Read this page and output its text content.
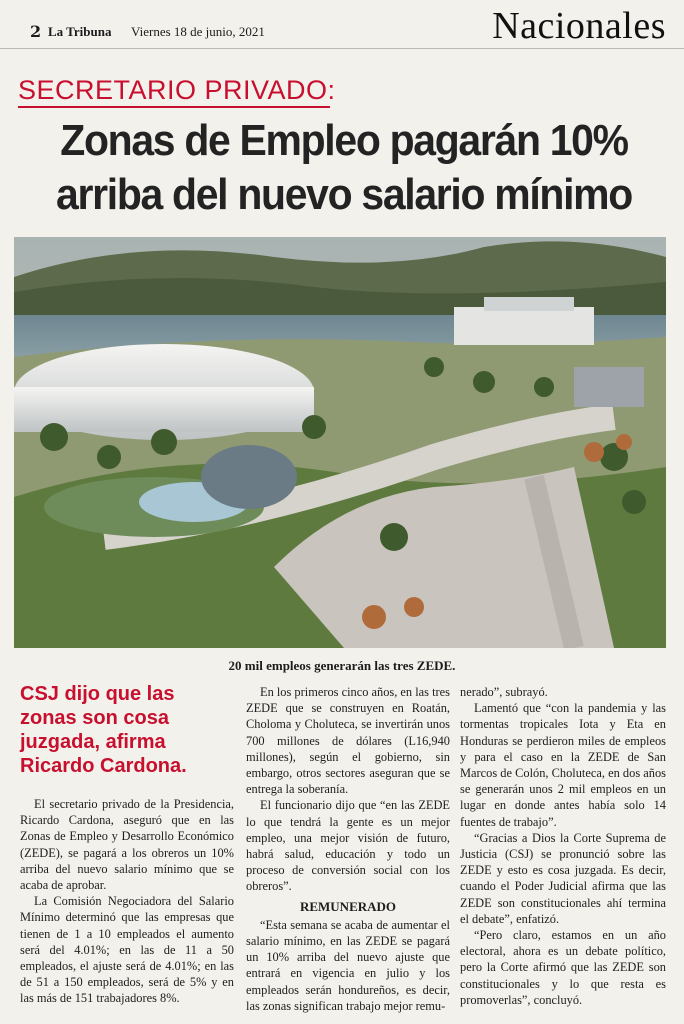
2 La Tribuna Viernes 18 de junio, 2021	Nacionales
SECRETARIO PRIVADO:
Zonas de Empleo pagarán 10% arriba del nuevo salario mínimo
20 mil empleos generarán las tres ZEDE.
CSJ dijo que las zonas son cosa juzgada, afirma Ricardo Cardona.

El secretario privado de la Presidencia, Ricardo Cardona, aseguró que en las Zonas de Empleo y Desarrollo Económico (ZEDE), se pagará a los obreros un 10% arriba del nuevo salario mínimo que se acaba de aprobar.

La Comisión Negociadora del Salario Mínimo determinó que las empresas que tienen de 1 a 10 empleados el aumento será del 4.01%; en las de 11 a 50 empleados, el ajuste será de 4.01%; en las de 51 a 150 empleados, será de 5% y en las más de 151 trabajadores 8%.

En los primeros cinco años, en las tres ZEDE que se construyen en Roatán, Choloma y Choluteca, se invertirán unos 700 millones de dólares (L16,940 millones), según el gobierno, sin embargo, otros sectores aseguran que se entrega la soberanía.

El funcionario dijo que “en las ZEDE lo que tendrá la gente es un mejor empleo, una mejor visión de futuro, habrá salud, educación y todo un proceso de conversión social con los obreros”.

REMUNERADO

“Esta semana se acaba de aumentar el salario mínimo, en las ZEDE se pagará un 10% arriba del nuevo ajuste que entrará en vigencia en julio y los empleados serán hondureños, es decir, las zonas significan trabajo mejor remu-

nerado”, subrayó.

Lamentó que “con la pandemia y las tormentas tropicales Iota y Eta en Honduras se perdieron miles de empleos y para el caso en la ZEDE de San Marcos de Colón, Choluteca, en dos años se generarán unos 2 mil empleos en un lugar en donde antes había solo 14 fuentes de trabajo”.

“Gracias a Dios la Corte Suprema de Justicia (CSJ) se pronunció sobre las ZEDE y esto es cosa juzgada. Es decir, cuando el Poder Judicial afirma que las ZEDE son constitucionales ahí termina el debate”, enfatizó.

“Pero claro, estamos en un año electoral, ahora es un debate político, pero la Corte afirmó que las ZEDE son constitucionales y lo que resta es promoverlas”, concluyó.
